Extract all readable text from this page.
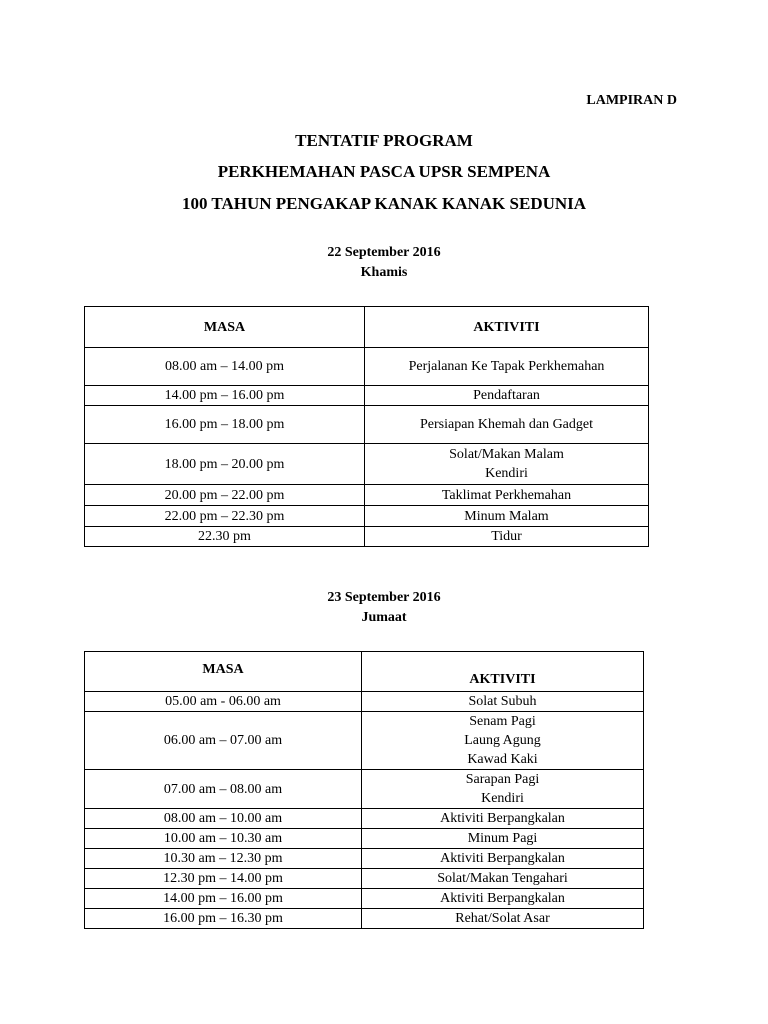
LAMPIRAN D
TENTATIF PROGRAM
PERKHEMAHAN PASCA UPSR SEMPENA
100 TAHUN PENGAKAP KANAK KANAK SEDUNIA
22 September 2016
Khamis
MASA	AKTIVITI
08.00 am – 14.00 pm	Perjalanan Ke Tapak Perkhemahan

14.00 pm – 16.00 pm	Pendaftaran

16.00 pm – 18.00 pm	Persiapan Khemah dan Gadget

18.00 pm – 20.00 pm	Solat/Makan Malam
Kendiri

20.00 pm – 22.00 pm	Taklimat Perkhemahan

22.00 pm – 22.30 pm	Minum Malam

22.30 pm	Tidur
23 September 2016
Jumaat
MASA	AKTIVITI
05.00 am - 06.00 am	Solat Subuh

06.00 am – 07.00 am	Senam Pagi
Laung Agung
Kawad Kaki

07.00 am – 08.00 am	Sarapan Pagi
Kendiri

08.00 am – 10.00 am	Aktiviti Berpangkalan

10.00 am – 10.30 am	Minum Pagi

10.30 am – 12.30 pm	Aktiviti Berpangkalan

12.30 pm – 14.00 pm	Solat/Makan Tengahari

14.00 pm – 16.00 pm	Aktiviti Berpangkalan

16.00 pm – 16.30 pm	Rehat/Solat Asar
